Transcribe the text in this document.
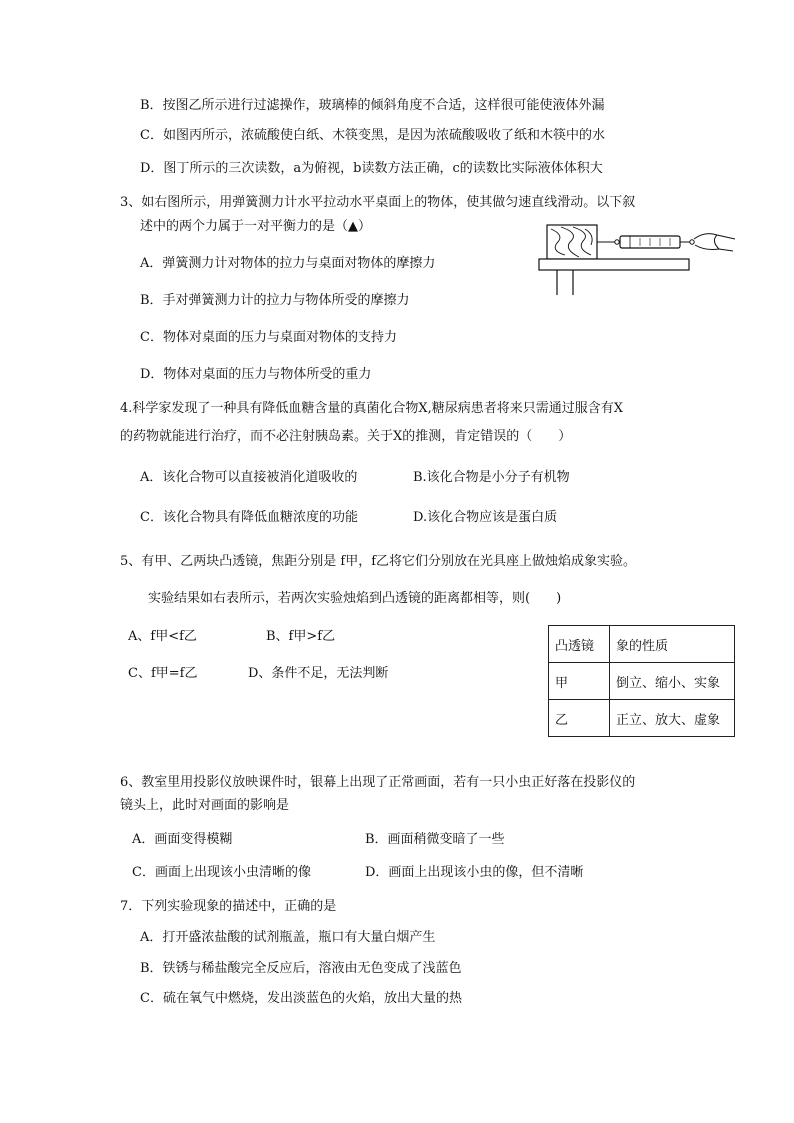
B．按图乙所示进行过滤操作，玻璃棒的倾斜角度不合适，这样很可能使液体外漏
C．如图丙所示，浓硫酸使白纸、木筷变黑，是因为浓硫酸吸收了纸和木筷中的水
D．图丁所示的三次读数，a为俯视，b读数方法正确，c的读数比实际液体体积大
3、如右图所示，用弹簧测力计水平拉动水平桌面上的物体，使其做匀速直线滑动。以下叙
述中的两个力属于一对平衡力的是（▲）
A．弹簧测力计对物体的拉力与桌面对物体的摩擦力
B．手对弹簧测力计的拉力与物体所受的摩擦力
C．物体对桌面的压力与桌面对物体的支持力
D．物体对桌面的压力与物体所受的重力
4.科学家发现了一种具有降低血糖含量的真菌化合物X,糖尿病患者将来只需通过服含有X
的药物就能进行治疗，而不必注射胰岛素。关于X的推测，肯定错误的（　　）
A．该化合物可以直接被消化道吸收的	B.该化合物是小分子有机物
C．该化合物具有降低血糖浓度的功能	D.该化合物应该是蛋白质
5、有甲、乙两块凸透镜，焦距分别是 f甲，f乙将它们分别放在光具座上做烛焰成象实验。
实验结果如右表所示，若两次实验烛焰到凸透镜的距离都相等，则(　　)
A、f甲<f乙	B、f甲>f乙
C、f甲=f乙	D、条件不足，无法判断
凸透镜	象的性质
甲	倒立、缩小、实象
乙	正立、放大、虚象
6、教室里用投影仪放映课件时，银幕上出现了正常画面，若有一只小虫正好落在投影仪的
镜头上，此时对画面的影响是
A．画面变得模糊	B．画面稍微变暗了一些
C．画面上出现该小虫清晰的像	D．画面上出现该小虫的像，但不清晰
7．下列实验现象的描述中，正确的是
A．打开盛浓盐酸的试剂瓶盖，瓶口有大量白烟产生
B．铁锈与稀盐酸完全反应后，溶液由无色变成了浅蓝色
C．硫在氧气中燃烧，发出淡蓝色的火焰，放出大量的热
